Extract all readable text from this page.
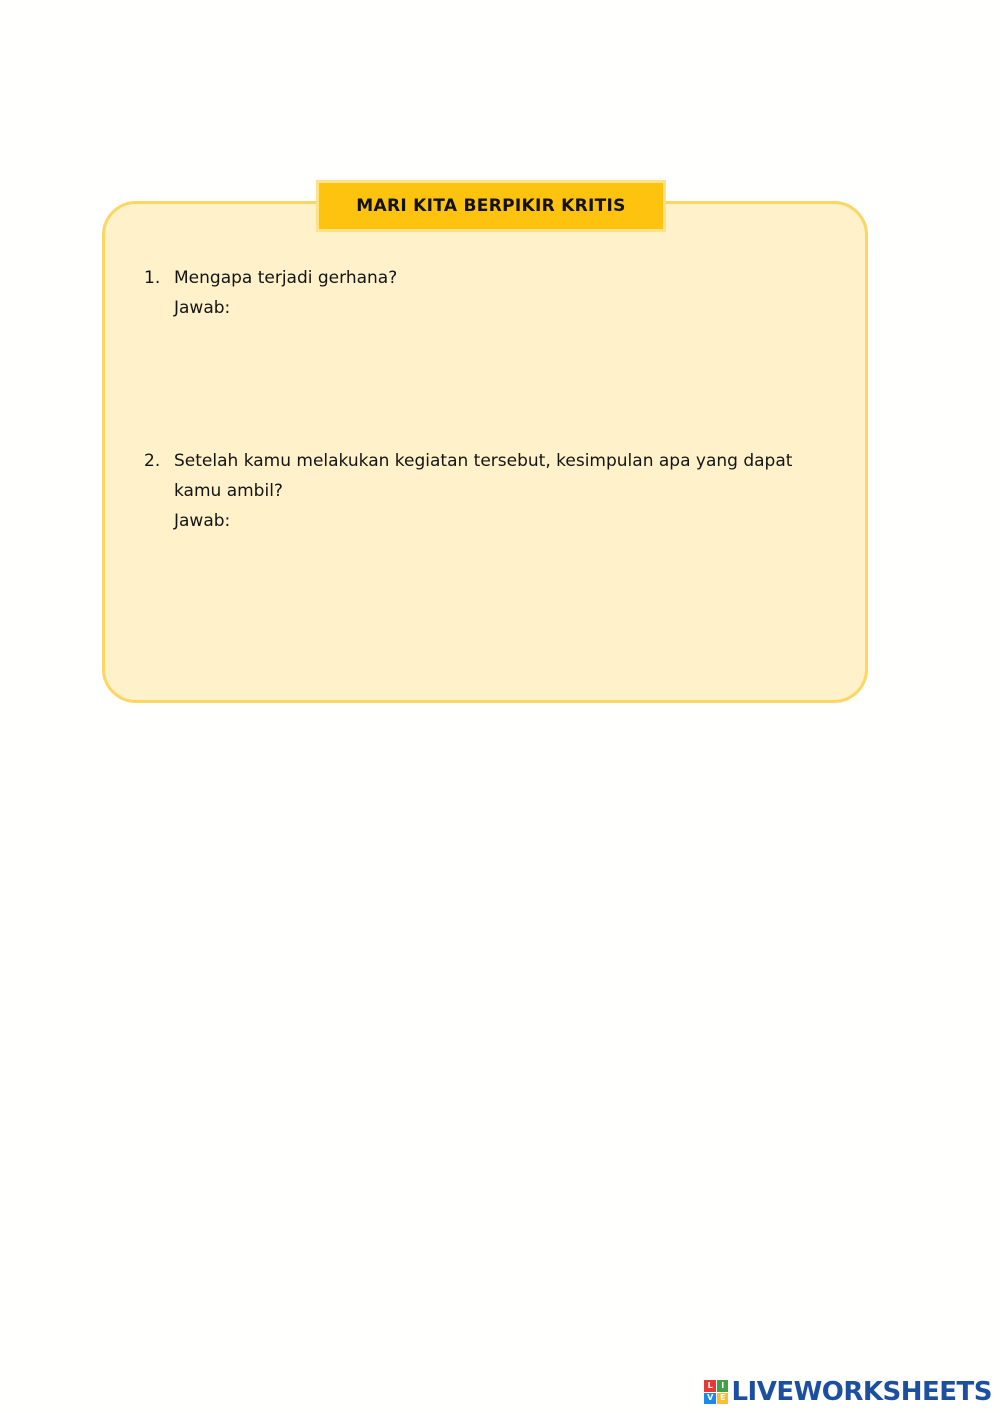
MARI KITA BERPIKIR KRITIS
1. Mengapa terjadi gerhana?
Jawab:
2. Setelah kamu melakukan kegiatan tersebut, kesimpulan apa yang dapat
kamu ambil?
Jawab:
L	I
V E LIVEWORKSHEETS
